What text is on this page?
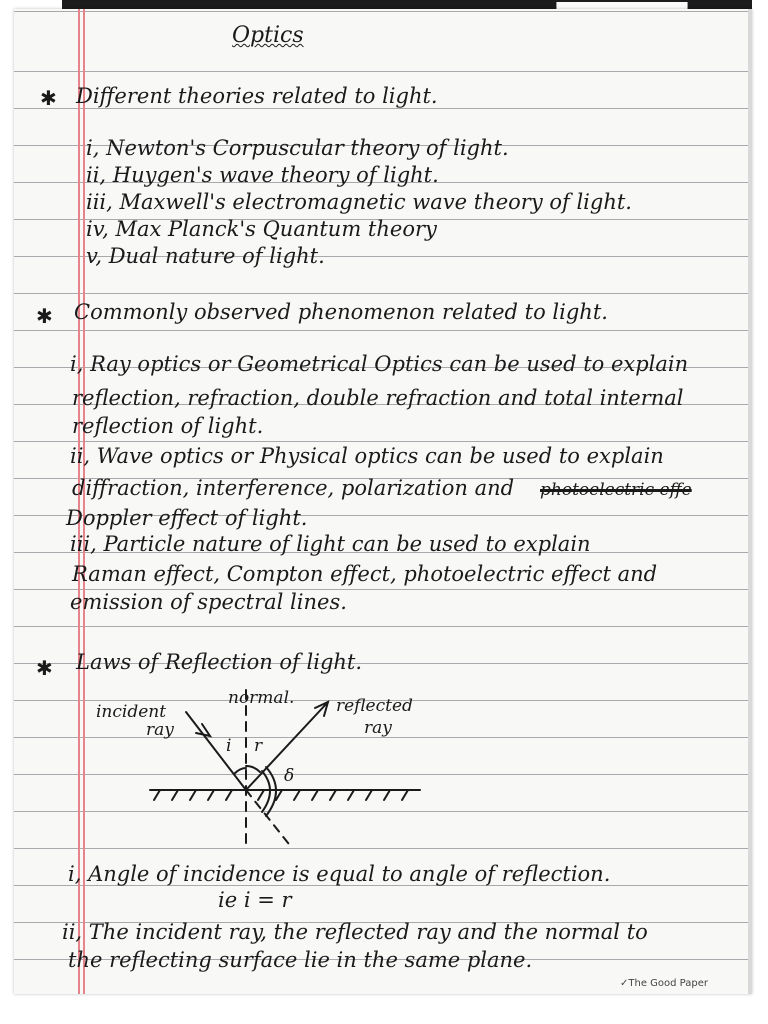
Optics
✱ Different theories related to light.
i, Newton's Corpuscular theory of light.
ii, Huygen's wave theory of light.
iii, Maxwell's electromagnetic wave theory of light.
iv, Max Planck's Quantum theory
v, Dual nature of light.
✱ Commonly observed phenomenon related to light.
i, Ray optics or Geometrical Optics can be used to explain
reflection, refraction, double refraction and total internal
reflection of light.
ii, Wave optics or Physical optics can be used to explain
diffraction, interference, polarization and photoelectric effe
Doppler effect of light.
iii, Particle nature of light can be used to explain
Raman effect, Compton effect, photoelectric effect and
emission of spectral lines.
✱ Laws of Reflection of light.
normal.
incident
ray
reflected
ray
i r
δ
i, Angle of incidence is equal to angle of reflection.
ie i = r
ii, The incident ray, the reflected ray and the normal to
the reflecting surface lie in the same plane.
✓The Good Paper
